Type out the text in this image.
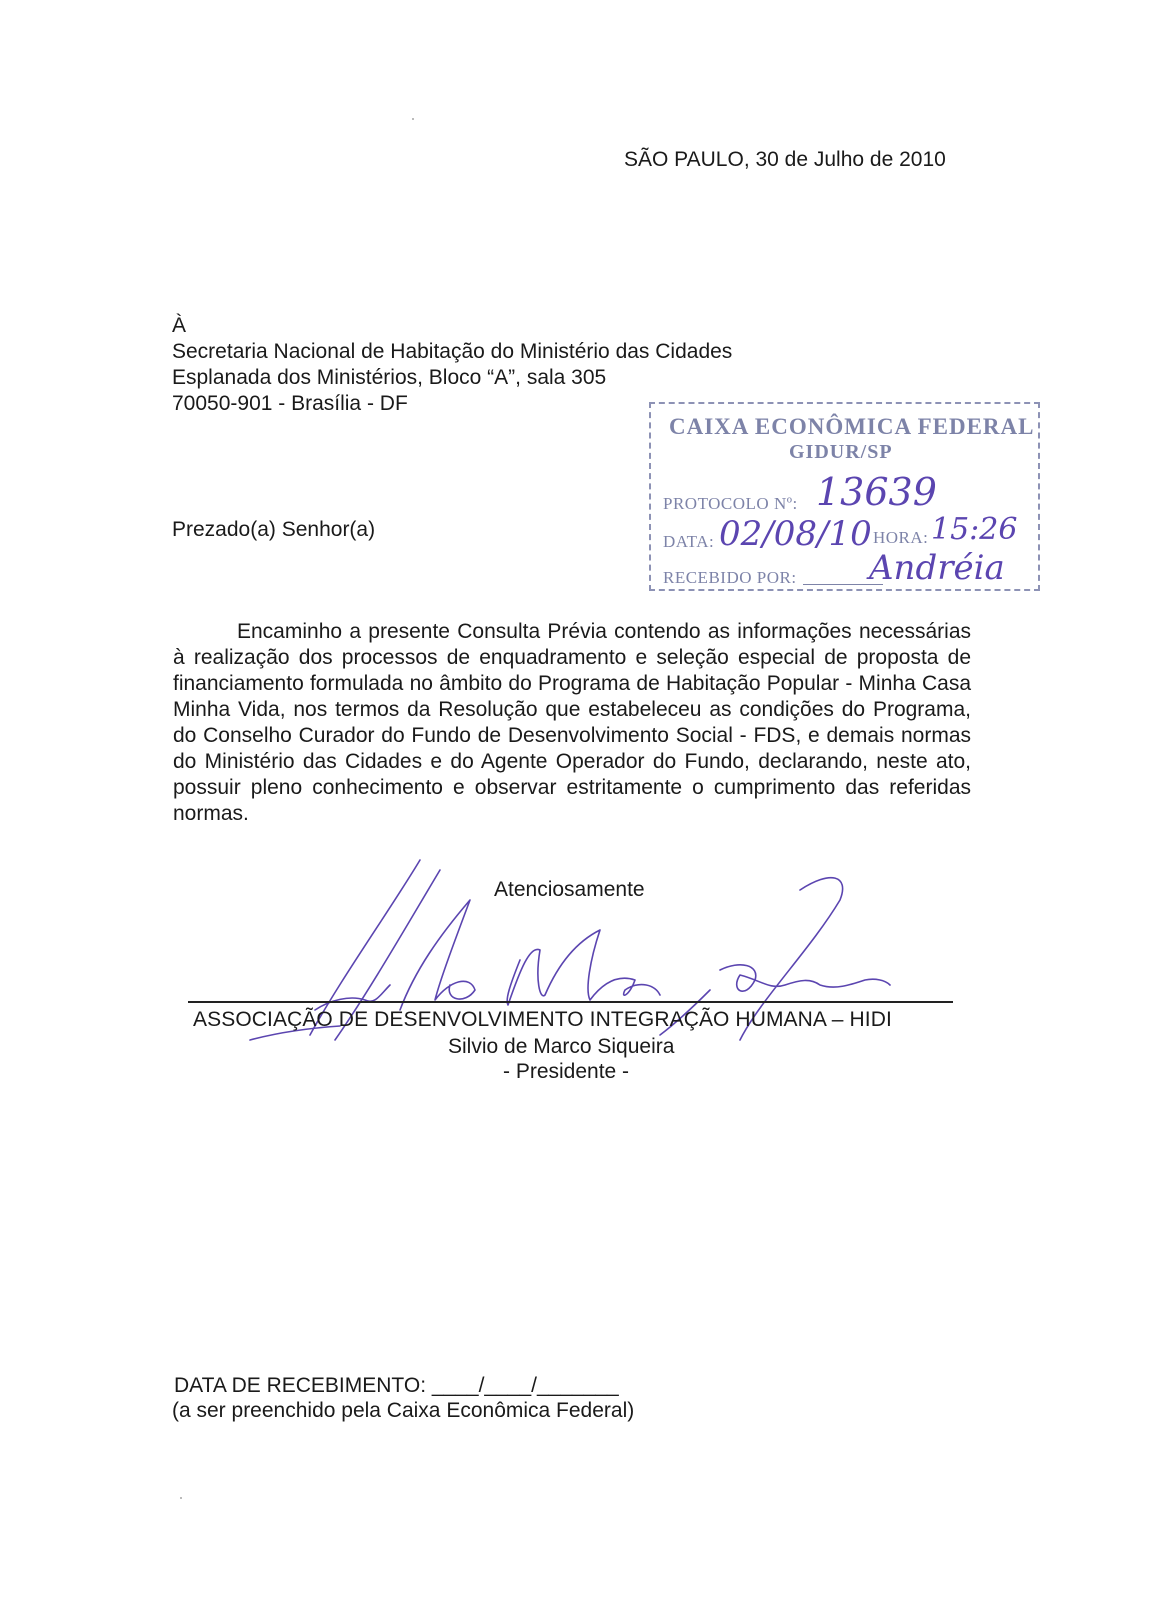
SÃO PAULO, 30 de Julho de 2010
À
Secretaria Nacional de Habitação do Ministério das Cidades
Esplanada dos Ministérios, Bloco “A”, sala 305
70050-901 - Brasília - DF
CAIXA ECONÔMICA FEDERAL
GIDUR/SP
PROTOCOLO Nº: 13639
DATA: 02/08/10 HORA: 15:26
RECEBIDO POR: Andréia
Prezado(a) Senhor(a)
Encaminho a presente Consulta Prévia contendo as informações necessárias à realização dos processos de enquadramento e seleção especial de proposta de financiamento formulada no âmbito do Programa de Habitação Popular - Minha Casa Minha Vida, nos termos da Resolução que estabeleceu as condições do Programa, do Conselho Curador do Fundo de Desenvolvimento Social - FDS, e demais normas do Ministério das Cidades e do Agente Operador do Fundo, declarando, neste ato, possuir pleno conhecimento e observar estritamente o cumprimento das referidas normas.
Atenciosamente
ASSOCIAÇÃO DE DESENVOLVIMENTO INTEGRAÇÃO HUMANA – HIDI
Silvio de Marco Siqueira
- Presidente -
DATA DE RECEBIMENTO: ____/____/_______
(a ser preenchido pela Caixa Econômica Federal)
